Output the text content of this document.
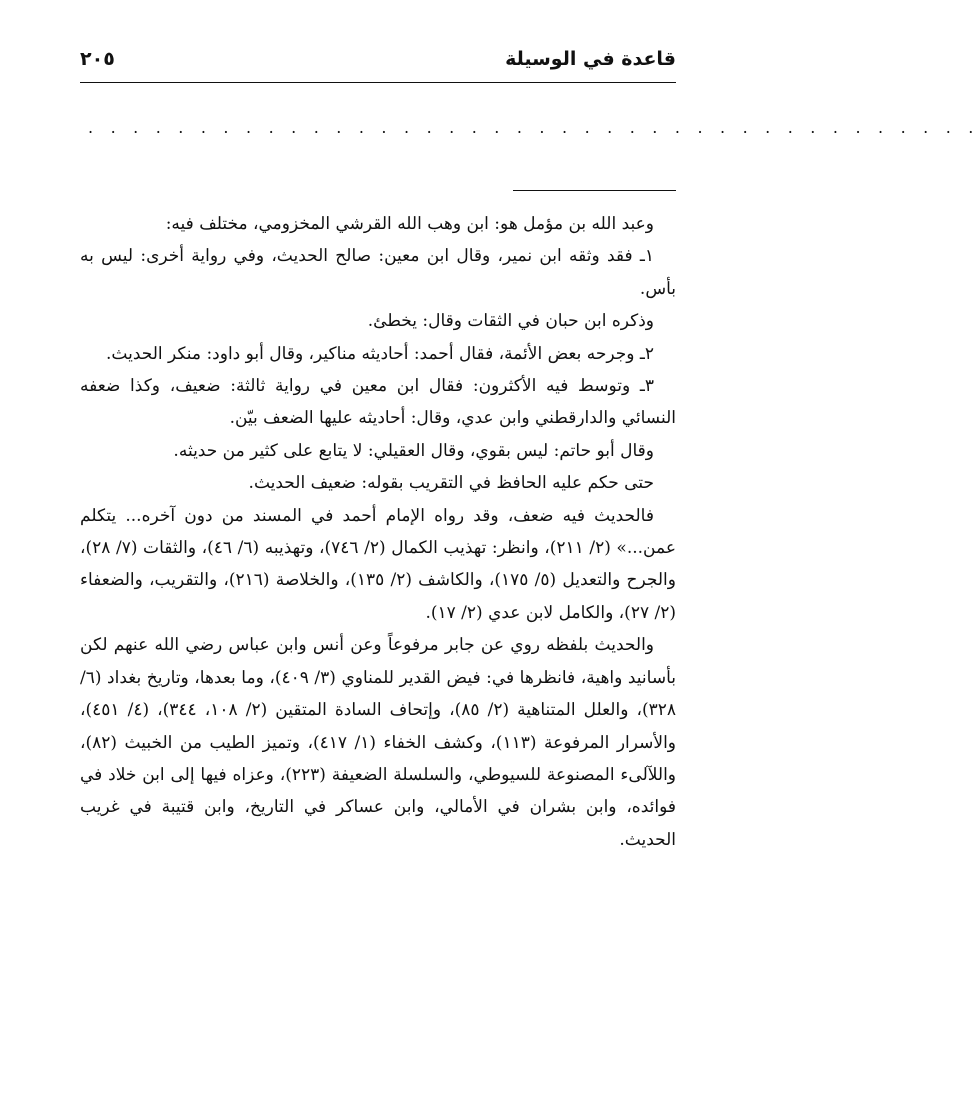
قاعدة في الوسيلة
٢٠٥
. . . . . . . . . . . . . . . . . . . . . . . . . . . . . . . . . . . . . . . .

وعبد الله بن مؤمل هو: ابن وهب الله القرشي المخزومي، مختلف فيه:

١ـ فقد وثقه ابن نمير، وقال ابن معين: صالح الحديث، وفي رواية أخرى: ليس به بأس.

وذكره ابن حبان في الثقات وقال: يخطئ.

٢ـ وجرحه بعض الأئمة، فقال أحمد: أحاديثه مناكير، وقال أبو داود: منكر الحديث.

٣ـ وتوسط فيه الأكثرون: فقال ابن معين في رواية ثالثة: ضعيف، وكذا ضعفه النسائي والدارقطني وابن عدي، وقال: أحاديثه عليها الضعف بيّن.

وقال أبو حاتم: ليس بقوي، وقال العقيلي: لا يتابع على كثير من حديثه.

حتى حكم عليه الحافظ في التقريب بقوله: ضعيف الحديث.

فالحديث فيه ضعف، وقد رواه الإمام أحمد في المسند من دون آخره... يتكلم عمن...» (٢/ ٢١١)، وانظر: تهذيب الكمال (٢/ ٧٤٦)، وتهذيبه (٦/ ٤٦)، والثقات (٧/ ٢٨)، والجرح والتعديل (٥/ ١٧٥)، والكاشف (٢/ ١٣٥)، والخلاصة (٢١٦)، والتقريب، والضعفاء (٢/ ٢٧)، والكامل لابن عدي (٢/ ١٧).

والحديث بلفظه روي عن جابر مرفوعاً وعن أنس وابن عباس رضي الله عنهم لكن بأسانيد واهية، فانظرها في: فيض القدير للمناوي (٣/ ٤٠٩)، وما بعدها، وتاريخ بغداد (٦/ ٣٢٨)، والعلل المتناهية (٢/ ٨٥)، وإتحاف السادة المتقين (٢/ ١٠٨، ٣٤٤)، (٤/ ٤٥١)، والأسرار المرفوعة (١١٣)، وكشف الخفاء (١/ ٤١٧)، وتميز الطيب من الخبيث (٨٢)، واللآلىء المصنوعة للسيوطي، والسلسلة الضعيفة (٢٢٣)، وعزاه فيها إلى ابن خلاد في فوائده، وابن بشران في الأمالي، وابن عساكر في التاريخ، وابن قتيبة في غريب الحديث.
